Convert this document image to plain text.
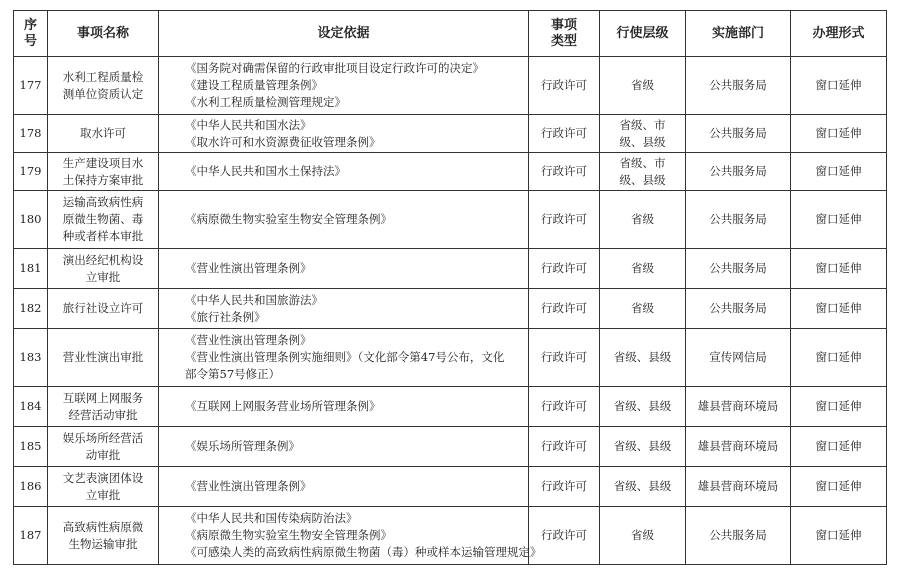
序号	事项名称	设定依据	事项类型	行使层级	实施部门	办理形式
177	水利工程质量检测单位资质认定	《国务院对确需保留的行政审批项目设定行政许可的决定》
《建设工程质量管理条例》
《水利工程质量检测管理规定》	行政许可	省级	公共服务局	窗口延伸
178	取水许可	《中华人民共和国水法》
《取水许可和水资源费征收管理条例》	行政许可	省级、市级、县级	公共服务局	窗口延伸
179	生产建设项目水土保持方案审批	《中华人民共和国水土保持法》	行政许可	省级、市级、县级	公共服务局	窗口延伸
180	运输高致病性病原微生物菌、毒种或者样本审批	《病原微生物实验室生物安全管理条例》	行政许可	省级	公共服务局	窗口延伸
181	演出经纪机构设立审批	《营业性演出管理条例》	行政许可	省级	公共服务局	窗口延伸
182	旅行社设立许可	《中华人民共和国旅游法》
《旅行社条例》	行政许可	省级	公共服务局	窗口延伸
183	营业性演出审批	《营业性演出管理条例》
《营业性演出管理条例实施细则》（文化部令第47号公布，文化
部令第57号修正）	行政许可	省级、县级	宣传网信局	窗口延伸
184	互联网上网服务经营活动审批	《互联网上网服务营业场所管理条例》	行政许可	省级、县级	雄县营商环境局	窗口延伸
185	娱乐场所经营活动审批	《娱乐场所管理条例》	行政许可	省级、县级	雄县营商环境局	窗口延伸
186	文艺表演团体设立审批	《营业性演出管理条例》	行政许可	省级、县级	雄县营商环境局	窗口延伸
187	高致病性病原微生物运输审批	《中华人民共和国传染病防治法》
《病原微生物实验室生物安全管理条例》
《可感染人类的高致病性病原微生物菌（毒）种或样本运输管理规定》	行政许可	省级	公共服务局	窗口延伸
